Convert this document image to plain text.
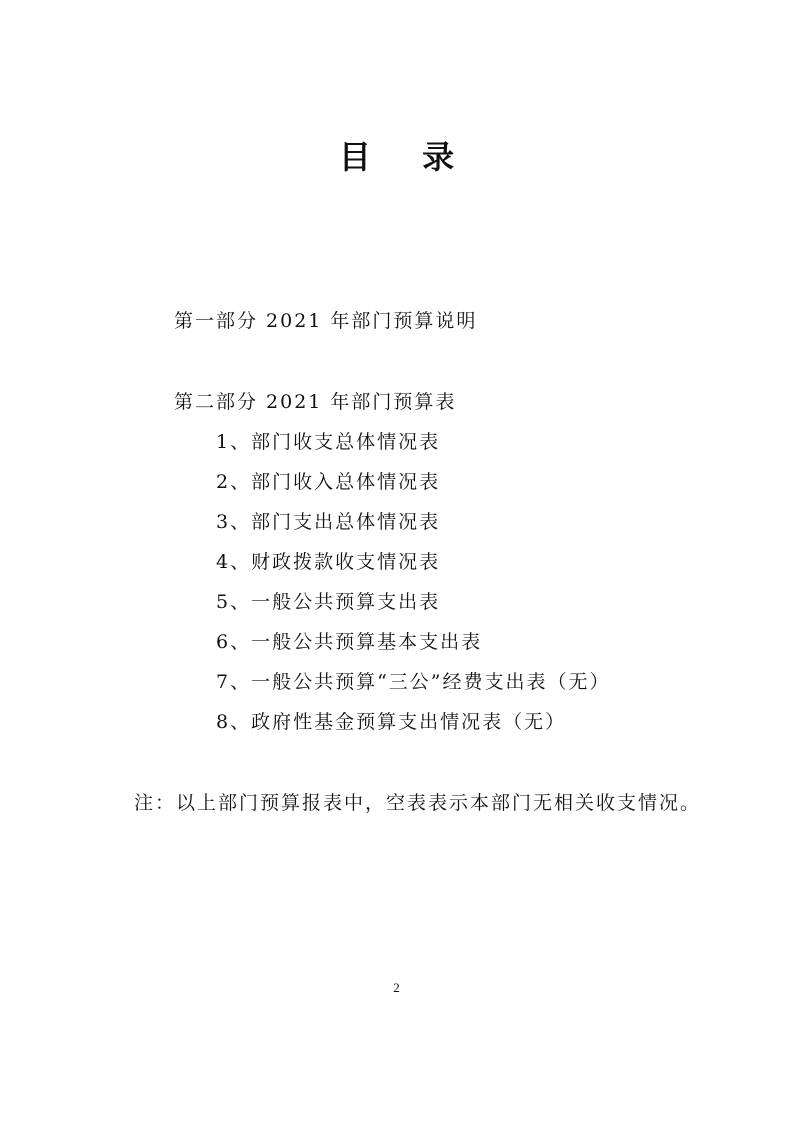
目 录
第一部分 2021 年部门预算说明
第二部分 2021 年部门预算表
1、部门收支总体情况表
2、部门收入总体情况表
3、部门支出总体情况表
4、财政拨款收支情况表
5、一般公共预算支出表
6、一般公共预算基本支出表
7、一般公共预算“三公”经费支出表（无）
8、政府性基金预算支出情况表（无）
注：以上部门预算报表中，空表表示本部门无相关收支情况。
2
